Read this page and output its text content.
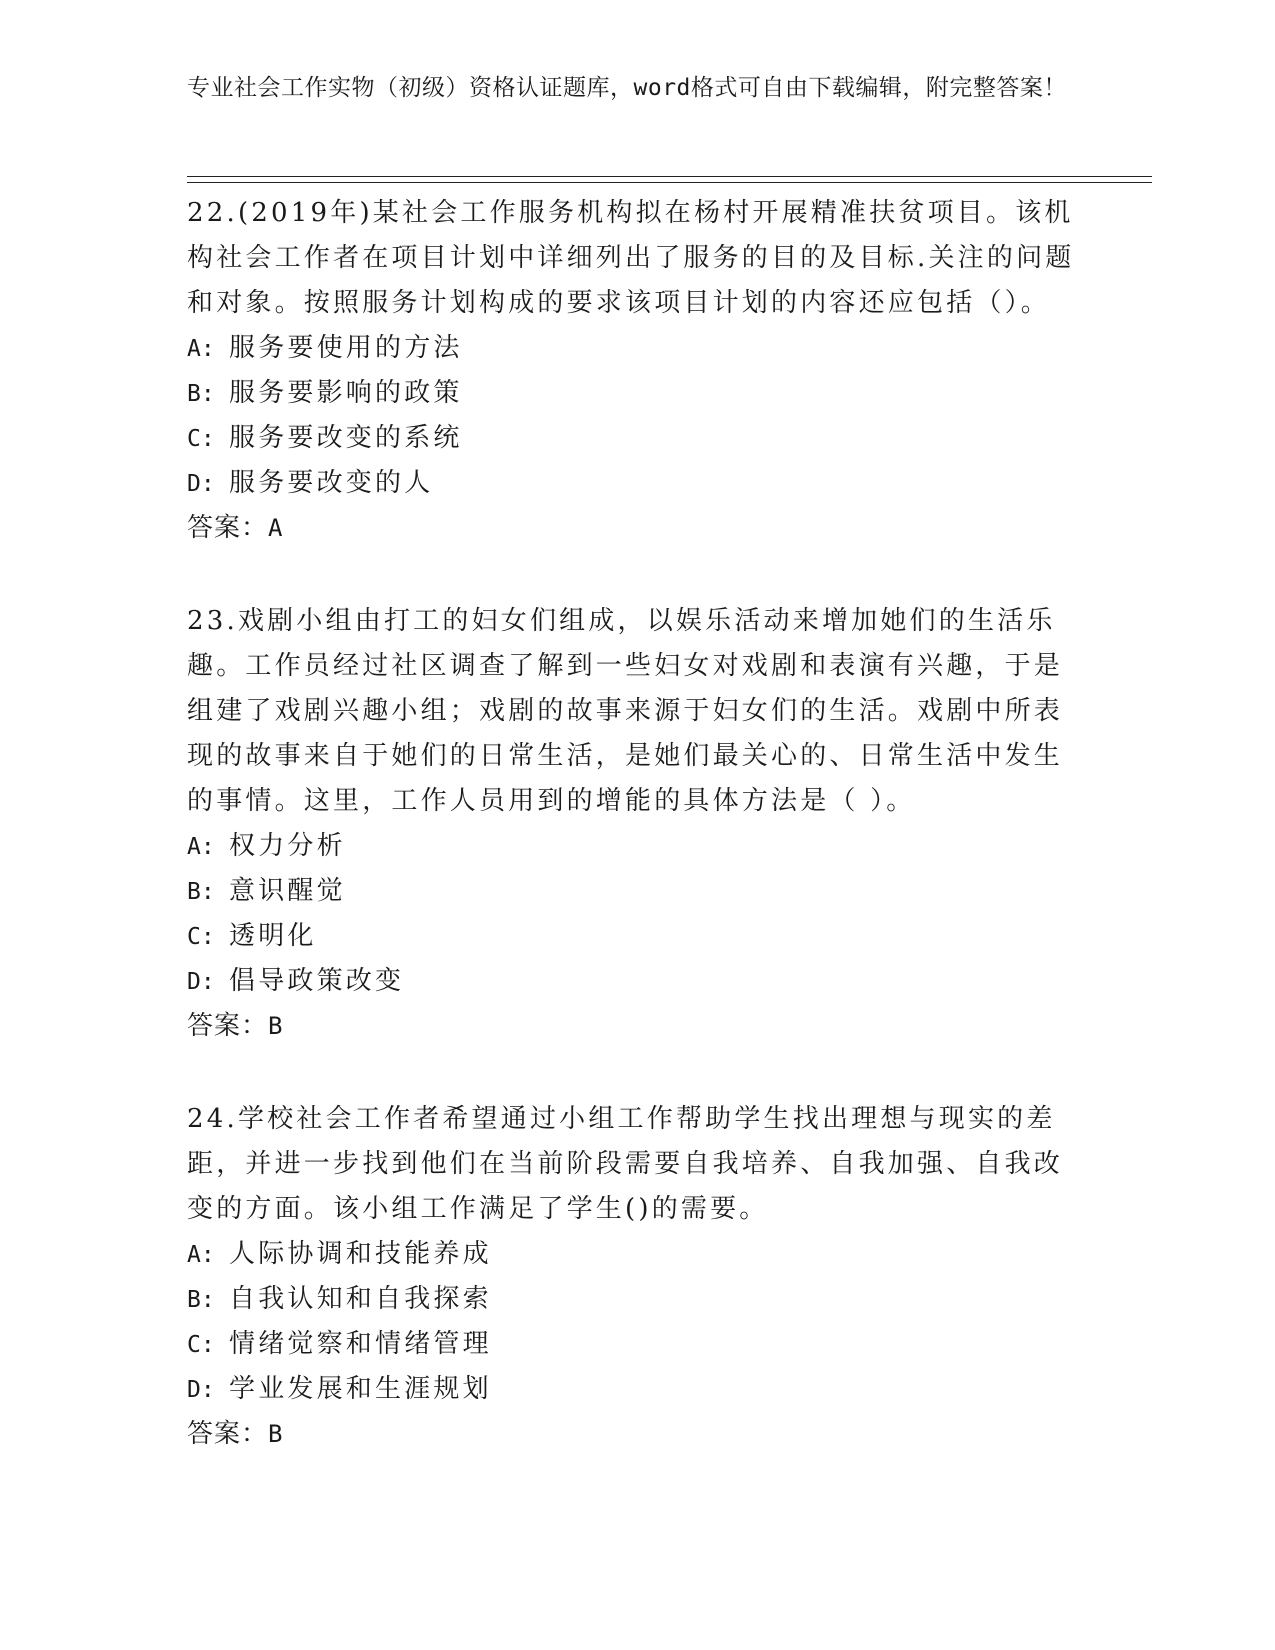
专业社会工作实物（初级）资格认证题库，word格式可自由下载编辑，附完整答案！

22.(2019年)某社会工作服务机构拟在杨村开展精准扶贫项目。该机构社会工作者在项目计划中详细列出了服务的目的及目标.关注的问题和对象。按照服务计划构成的要求该项目计划的内容还应包括（）。

A: 服务要使用的方法
B: 服务要影响的政策
C: 服务要改变的系统
D: 服务要改变的人
答案：A

23.戏剧小组由打工的妇女们组成，以娱乐活动来增加她们的生活乐趣。工作员经过社区调查了解到一些妇女对戏剧和表演有兴趣，于是组建了戏剧兴趣小组；戏剧的故事来源于妇女们的生活。戏剧中所表现的故事来自于她们的日常生活，是她们最关心的、日常生活中发生的事情。这里，工作人员用到的增能的具体方法是（ ）。

A: 权力分析
B: 意识醒觉
C: 透明化
D: 倡导政策改变
答案：B

24.学校社会工作者希望通过小组工作帮助学生找出理想与现实的差距，并进一步找到他们在当前阶段需要自我培养、自我加强、自我改变的方面。该小组工作满足了学生()的需要。

A: 人际协调和技能养成
B: 自我认知和自我探索
C: 情绪觉察和情绪管理
D: 学业发展和生涯规划
答案：B
